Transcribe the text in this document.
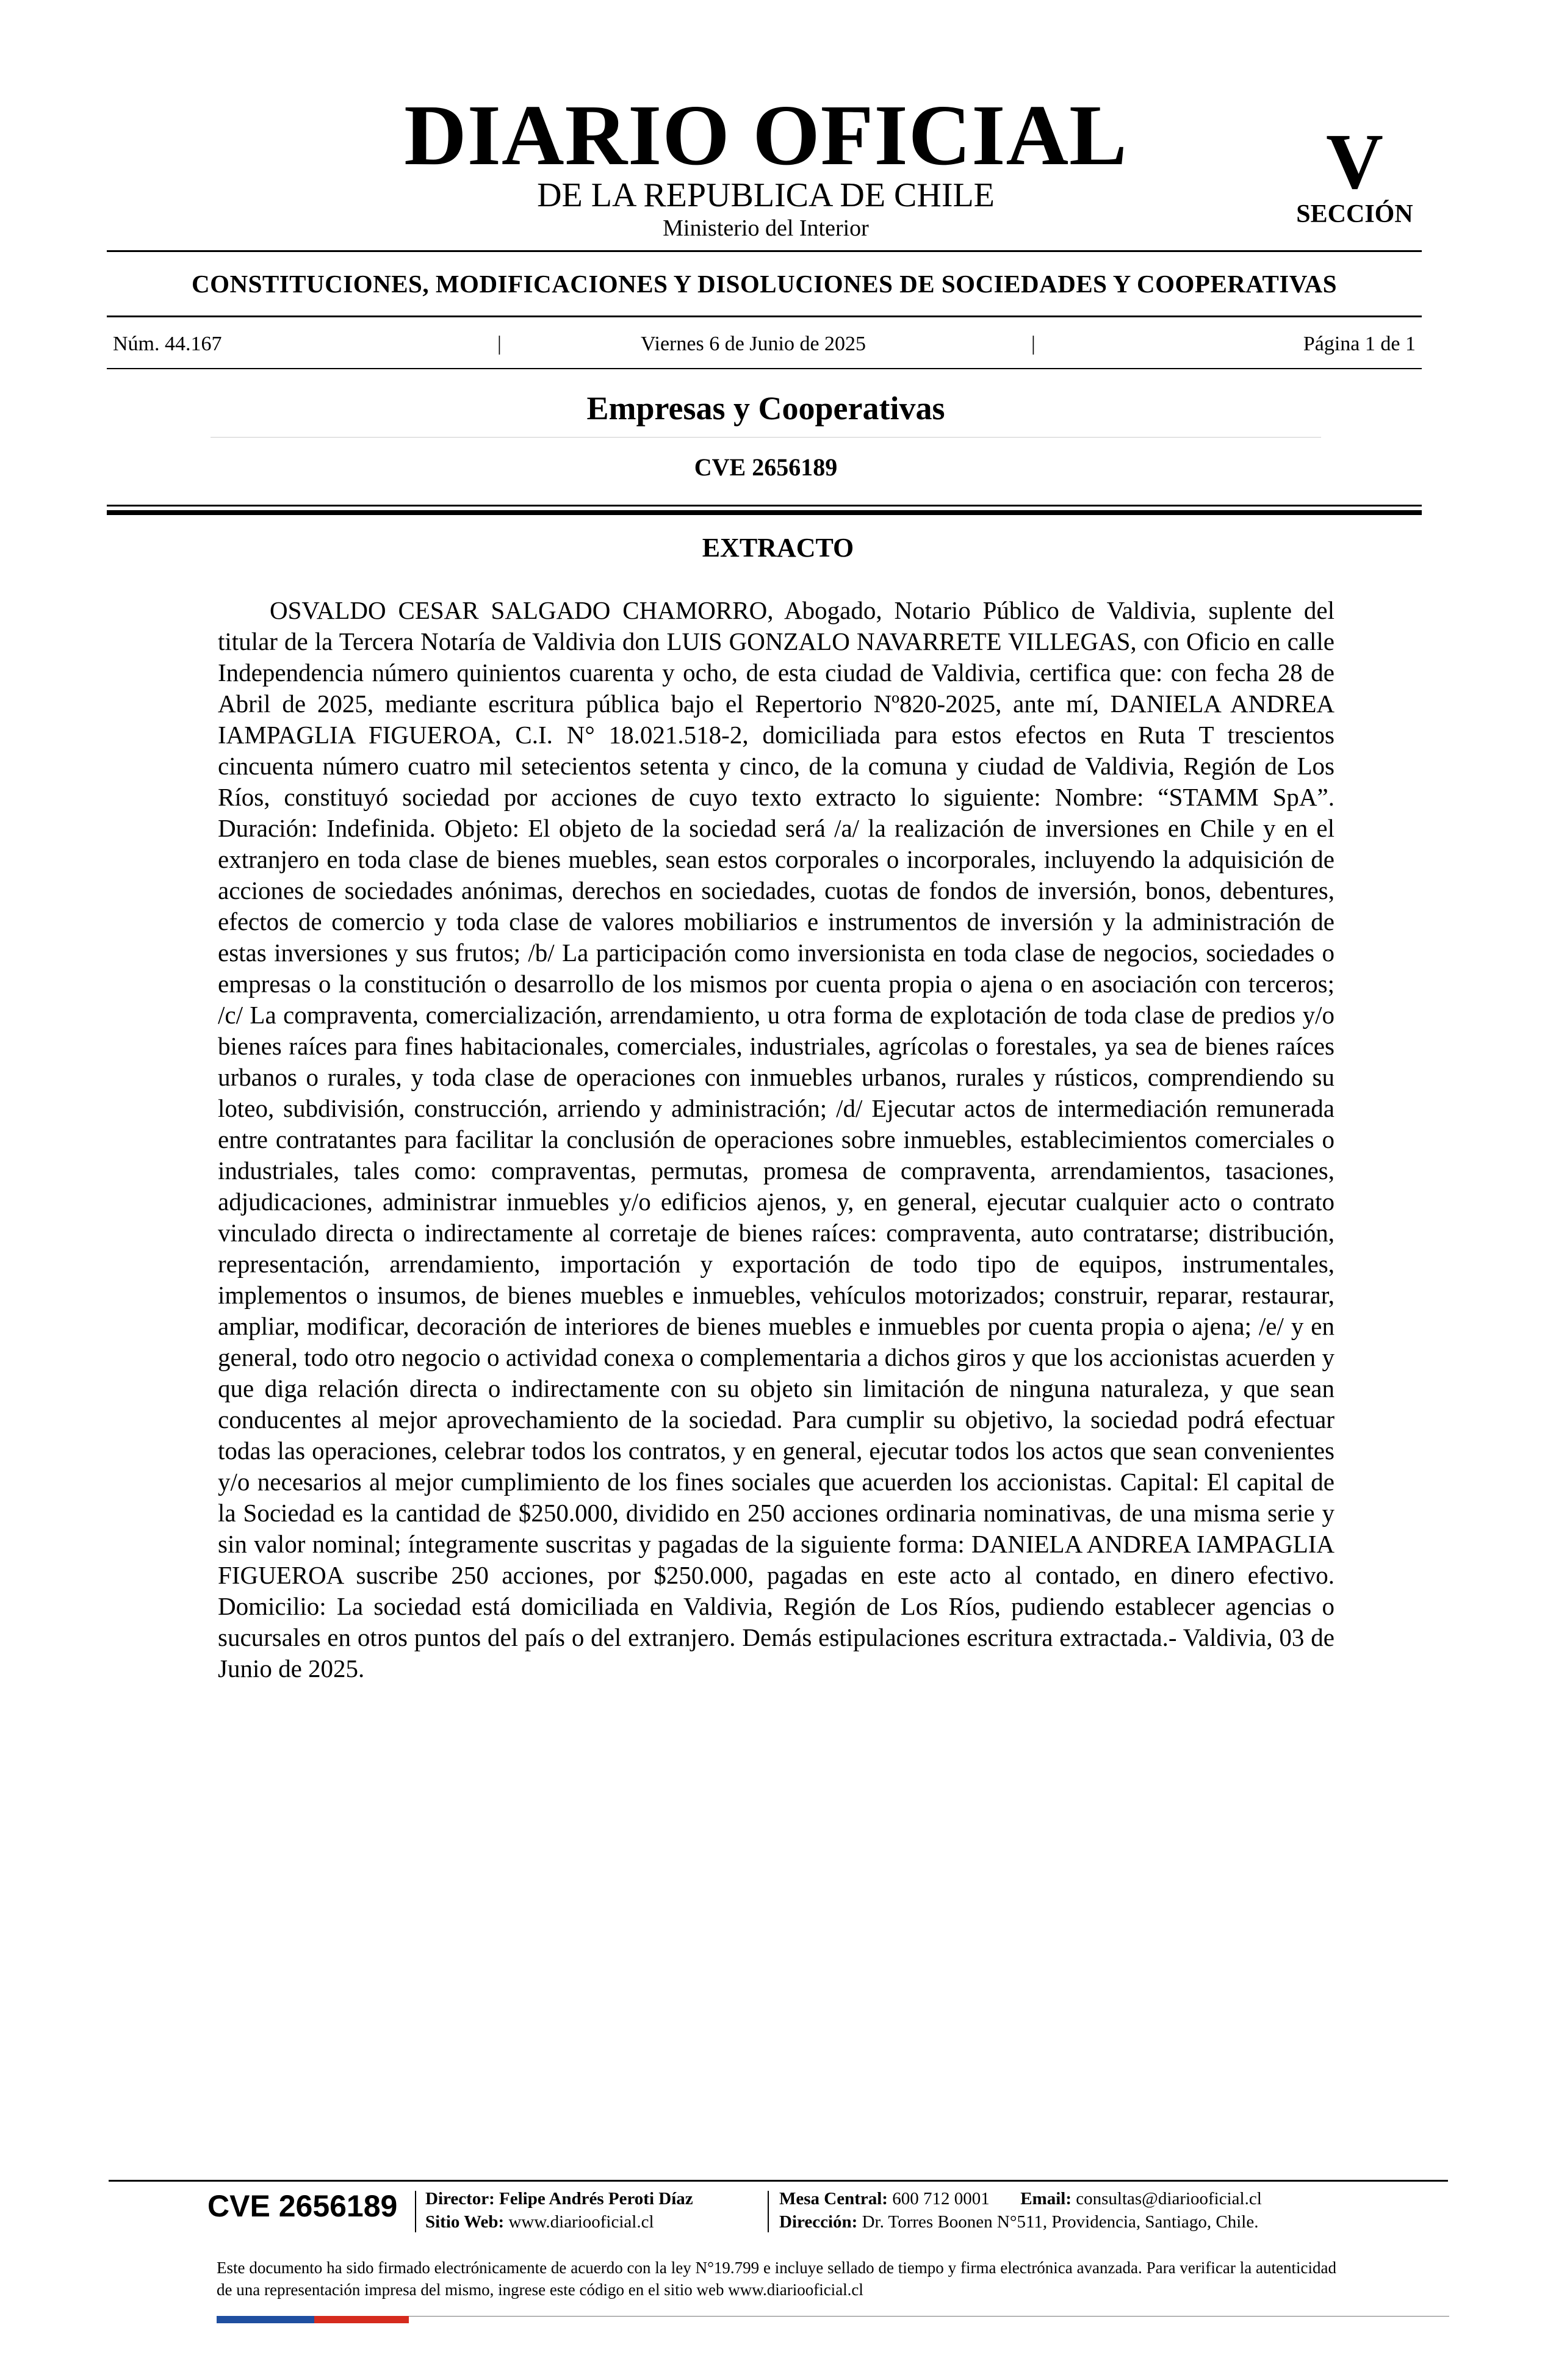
DIARIO OFICIAL
DE LA REPUBLICA DE CHILE
Ministerio del Interior
V
SECCIÓN
CONSTITUCIONES, MODIFICACIONES Y DISOLUCIONES DE SOCIEDADES Y COOPERATIVAS
Núm. 44.167	|	Viernes 6 de Junio de 2025	|	Página 1 de 1
Empresas y Cooperativas
CVE 2656189
EXTRACTO

OSVALDO CESAR SALGADO CHAMORRO, Abogado, Notario Público de Valdivia, suplente del titular de la Tercera Notaría de Valdivia don LUIS GONZALO NAVARRETE VILLEGAS, con Oficio en calle Independencia número quinientos cuarenta y ocho, de esta ciudad de Valdivia, certifica que: con fecha 28 de Abril de 2025, mediante escritura pública bajo el Repertorio Nº820-2025, ante mí, DANIELA ANDREA IAMPAGLIA FIGUEROA, C.I. N° 18.021.518-2, domiciliada para estos efectos en Ruta T trescientos cincuenta número cuatro mil setecientos setenta y cinco, de la comuna y ciudad de Valdivia, Región de Los Ríos, constituyó sociedad por acciones de cuyo texto extracto lo siguiente: Nombre: “STAMM SpA”. Duración: Indefinida. Objeto: El objeto de la sociedad será /a/ la realización de inversiones en Chile y en el extranjero en toda clase de bienes muebles, sean estos corporales o incorporales, incluyendo la adquisición de acciones de sociedades anónimas, derechos en sociedades, cuotas de fondos de inversión, bonos, debentures, efectos de comercio y toda clase de valores mobiliarios e instrumentos de inversión y la administración de estas inversiones y sus frutos; /b/ La participación como inversionista en toda clase de negocios, sociedades o empresas o la constitución o desarrollo de los mismos por cuenta propia o ajena o en asociación con terceros; /c/ La compraventa, comercialización, arrendamiento, u otra forma de explotación de toda clase de predios y/o bienes raíces para fines habitacionales, comerciales, industriales, agrícolas o forestales, ya sea de bienes raíces urbanos o rurales, y toda clase de operaciones con inmuebles urbanos, rurales y rústicos, comprendiendo su loteo, subdivisión, construcción, arriendo y administración; /d/ Ejecutar actos de intermediación remunerada entre contratantes para facilitar la conclusión de operaciones sobre inmuebles, establecimientos comerciales o industriales, tales como: compraventas, permutas, promesa de compraventa, arrendamientos, tasaciones, adjudicaciones, administrar inmuebles y/o edificios ajenos, y, en general, ejecutar cualquier acto o contrato vinculado directa o indirectamente al corretaje de bienes raíces: compraventa, auto contratarse; distribución, representación, arrendamiento, importación y exportación de todo tipo de equipos, instrumentales, implementos o insumos, de bienes muebles e inmuebles, vehículos motorizados; construir, reparar, restaurar, ampliar, modificar, decoración de interiores de bienes muebles e inmuebles por cuenta propia o ajena; /e/ y en general, todo otro negocio o actividad conexa o complementaria a dichos giros y que los accionistas acuerden y que diga relación directa o indirectamente con su objeto sin limitación de ninguna naturaleza, y que sean conducentes al mejor aprovechamiento de la sociedad. Para cumplir su objetivo, la sociedad podrá efectuar todas las operaciones, celebrar todos los contratos, y en general, ejecutar todos los actos que sean convenientes y/o necesarios al mejor cumplimiento de los fines sociales que acuerden los accionistas. Capital: El capital de la Sociedad es la cantidad de $250.000, dividido en 250 acciones ordinaria nominativas, de una misma serie y sin valor nominal; íntegramente suscritas y pagadas de la siguiente forma: DANIELA ANDREA IAMPAGLIA FIGUEROA suscribe 250 acciones, por $250.000, pagadas en este acto al contado, en dinero efectivo. Domicilio: La sociedad está domiciliada en Valdivia, Región de Los Ríos, pudiendo establecer agencias o sucursales en otros puntos del país o del extranjero. Demás estipulaciones escritura extractada.- Valdivia, 03 de Junio de 2025.

CVE 2656189 Director: Felipe Andrés Peroti Díaz
Sitio Web: www.diariooficial.cl
Mesa Central: 600 712 0001 Email: consultas@diariooficial.cl
Dirección: Dr. Torres Boonen N°511, Providencia, Santiago, Chile.

Este documento ha sido firmado electrónicamente de acuerdo con la ley N°19.799 e incluye sellado de tiempo y firma electrónica avanzada. Para verificar la autenticidad de una representación impresa del mismo, ingrese este código en el sitio web www.diariooficial.cl
